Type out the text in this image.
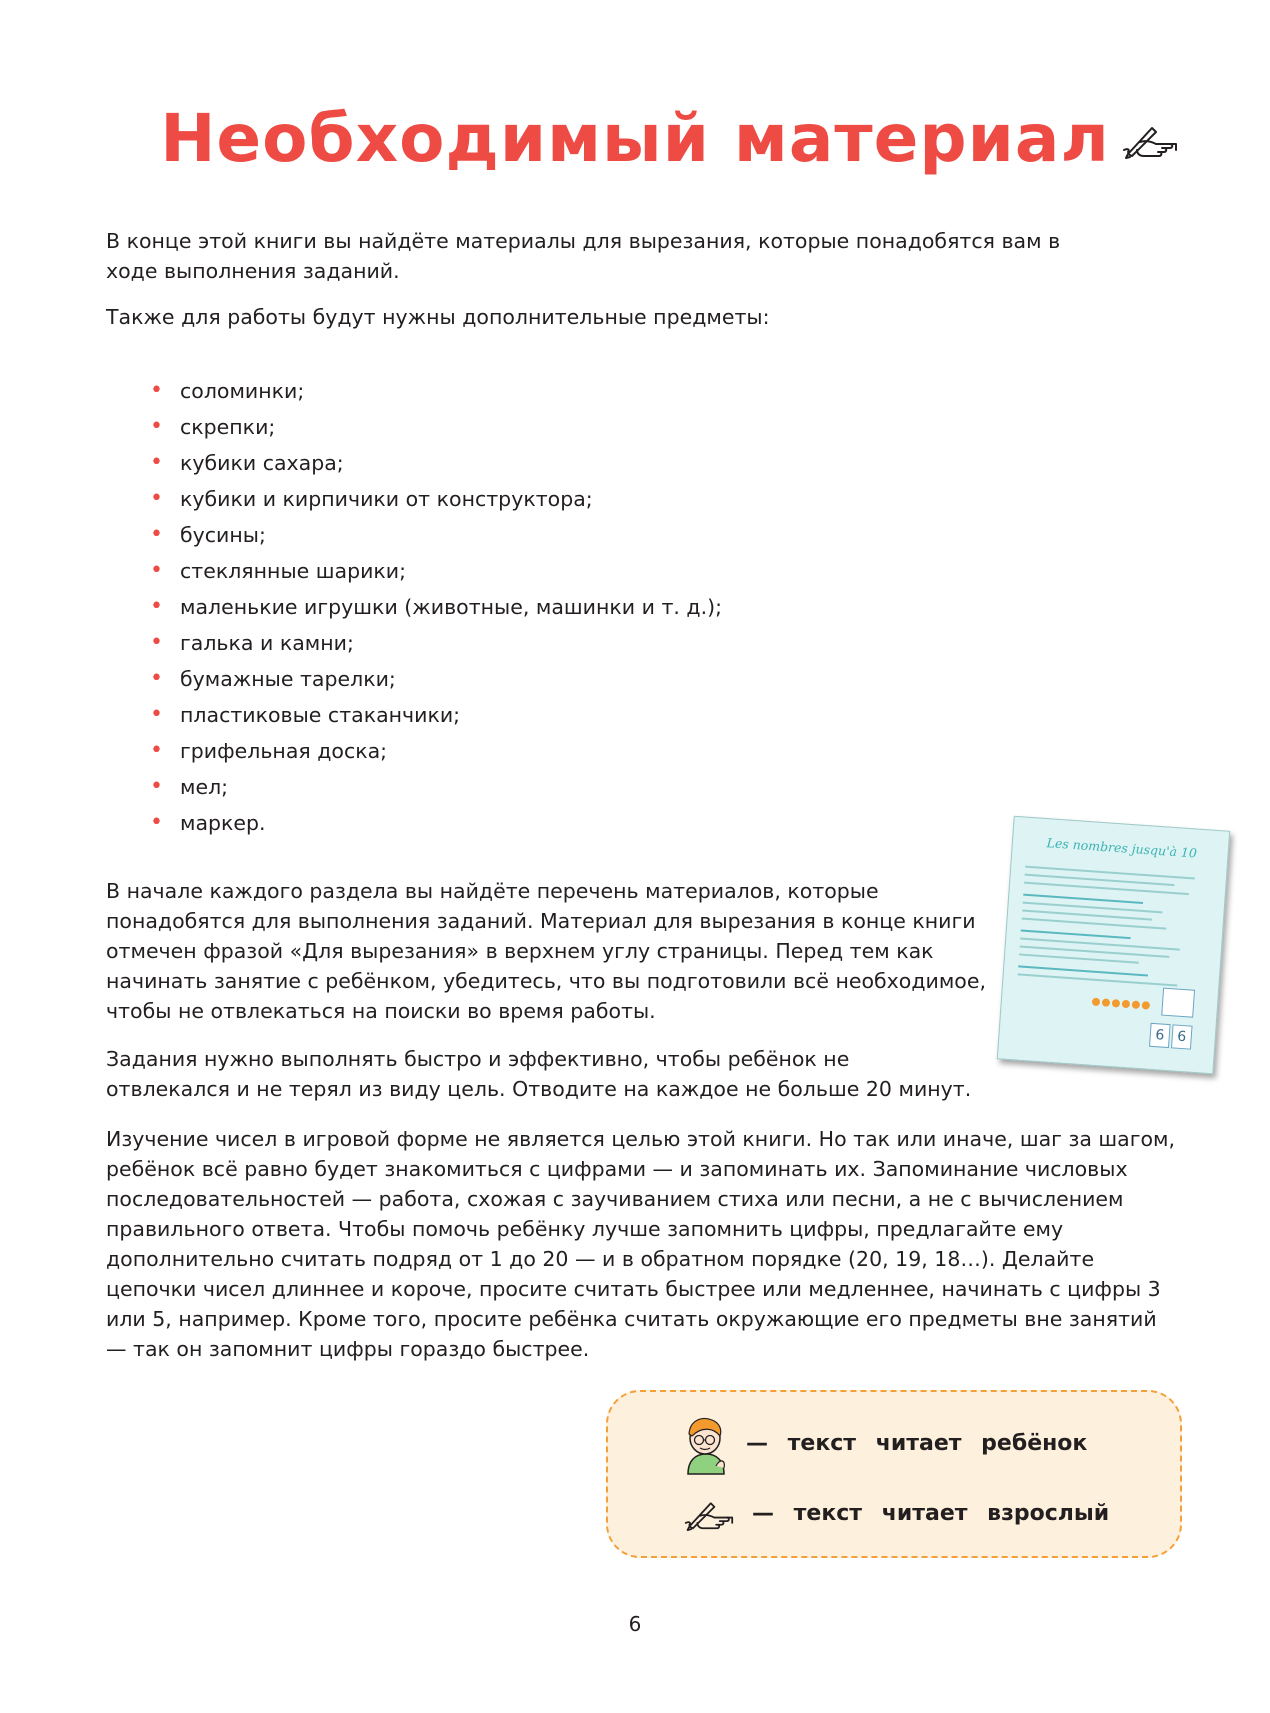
Необходимый материал

В конце этой книги вы найдёте материалы для вырезания, которые понадобятся вам в ходе выполнения заданий.

Также для работы будут нужны дополнительные предметы:

• соломинки;
• скрепки;
• кубики сахара;
• кубики и кирпичики от конструктора;
• бусины;
• стеклянные шарики;
• маленькие игрушки (животные, машинки и т. д.);
• галька и камни;
• бумажные тарелки;
• пластиковые стаканчики;
• грифельная доска;
• мел;
• маркер.
Les nombres jusqu'à 10
6 6

В начале каждого раздела вы найдёте перечень материалов, которые понадобятся для выполнения заданий. Материал для вырезания в конце книги отмечен фразой «Для вырезания» в верхнем углу страницы. Перед тем как начинать занятие с ребёнком, убедитесь, что вы подготовили всё необходимое, чтобы не отвлекаться на поиски во время работы.

Задания нужно выполнять быстро и эффективно, чтобы ребёнок не отвлекался и не терял из виду цель. Отводите на каждое не больше 20 минут.

Изучение чисел в игровой форме не является целью этой книги. Но так или иначе, шаг за шагом, ребёнок всё равно будет знакомиться с цифрами — и запоминать их. Запоминание числовых последовательностей — работа, схожая с заучиванием стиха или песни, а не с вычислением правильного ответа. Чтобы помочь ребёнку лучше запомнить цифры, предлагайте ему дополнительно считать подряд от 1 до 20 — и в обратном порядке (20, 19, 18…). Делайте цепочки чисел длиннее и короче, просите считать быстрее или медленнее, начинать с цифры 3 или 5, например. Кроме того, просите ребёнка считать окружающие его предметы вне занятий — так он запомнит цифры гораздо быстрее.

— текст читает ребёнок
— текст читает взрослый
6
